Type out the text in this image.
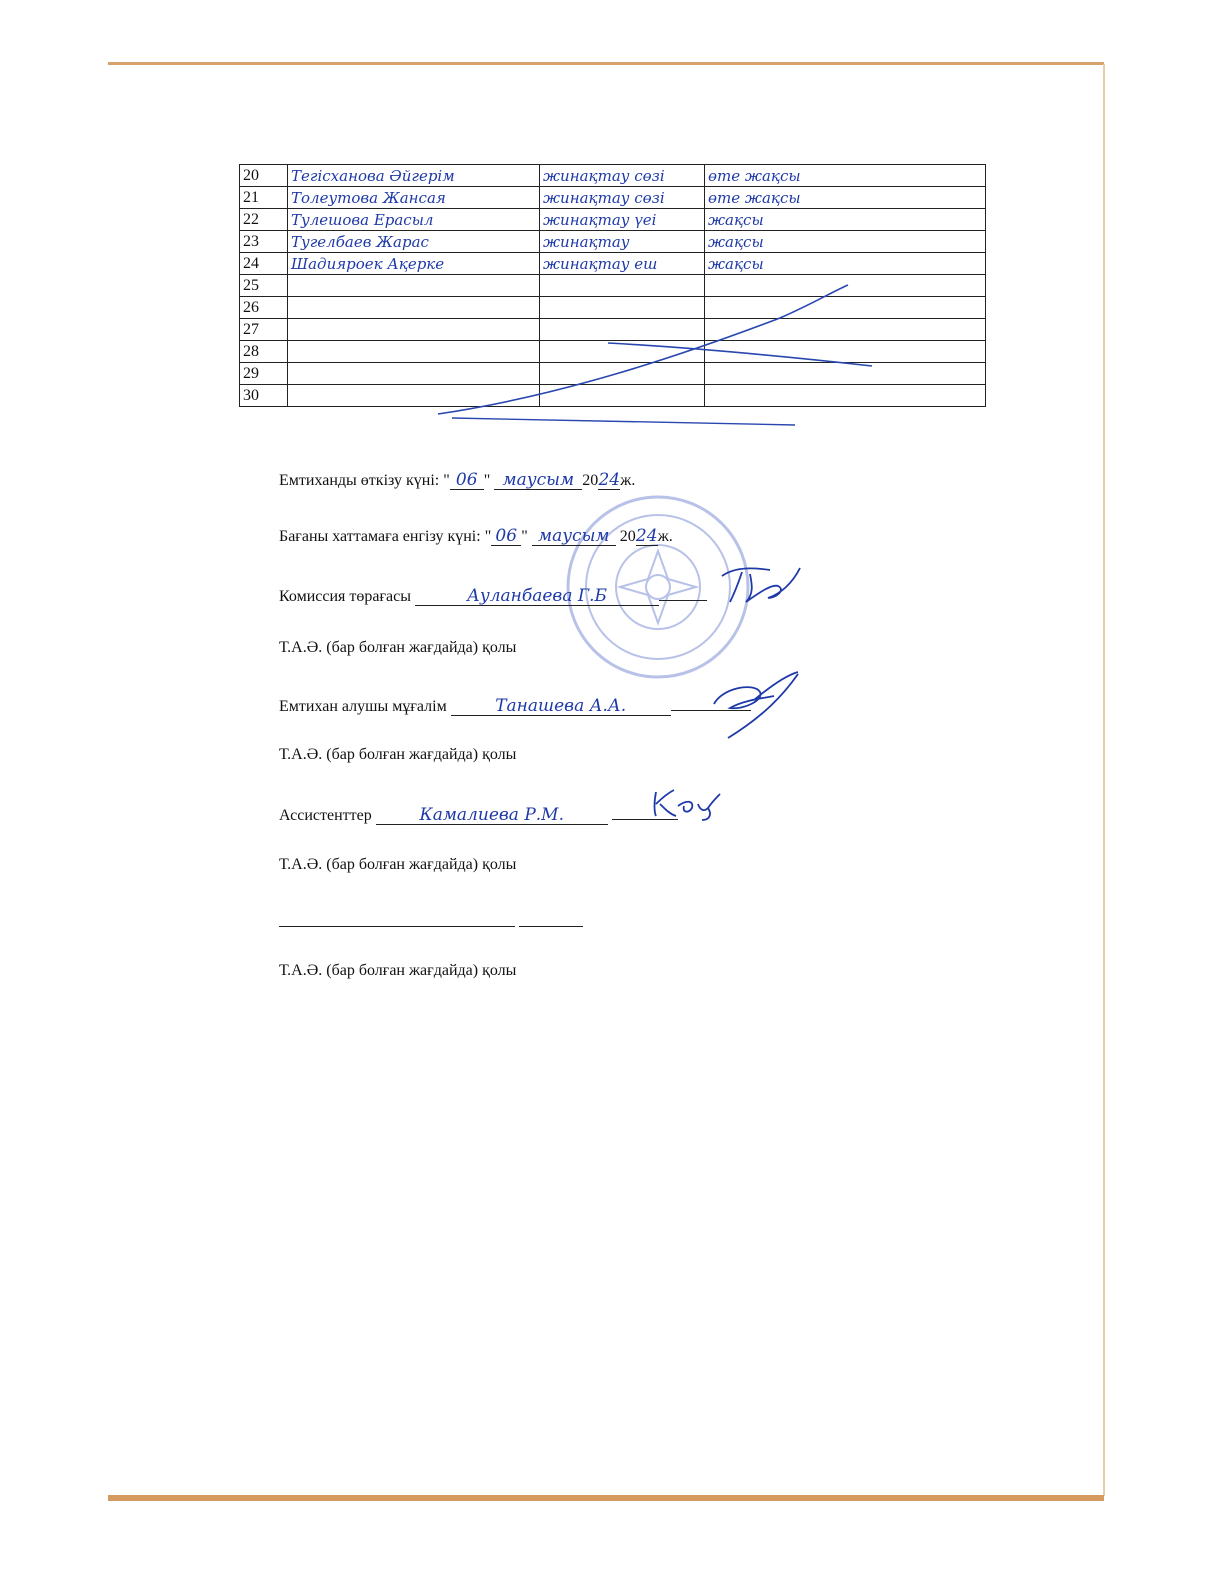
20	Тегісханова Әйгерім	жинақтау сөзі	өте жақсы
21	Толеутова Жансая	жинақтау сөзі	өте жақсы
22	Тулешова Ерасыл	жинақтау үеі	жақсы
23	Тугелбаев Жарас	жинақтау	жақсы
24	Шадияроек Ақерке	жинақтау еш	жақсы
25			
26			
27			
28			
29			
30			
Емтиханды өткізу күні: " 06 " маусым 2024ж.
Бағаны хаттамаға енгізу күні: " 06 " маусым 2024ж.
Комиссия төрағасы	Ауланбаева Г.Б
Т.А.Ә. (бар болған жағдайда) қолы
Емтихан алушы мұғалім	Танашева А.А.
Т.А.Ә. (бар болған жағдайда) қолы
Ассистенттер	Камалиева Р.М.
Т.А.Ә. (бар болған жағдайда) қолы

Т.А.Ә. (бар болған жағдайда) қолы
